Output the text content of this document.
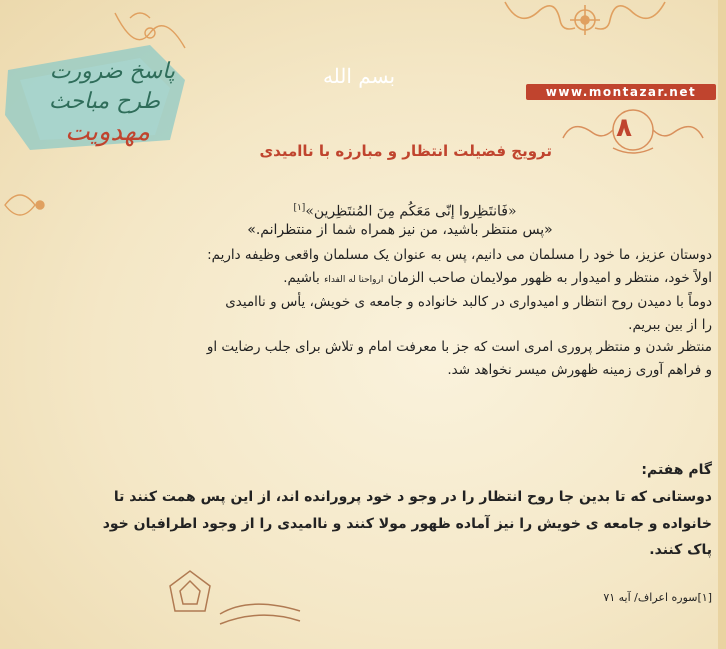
پاسخ ضرورت
طرح مباحث
مهدویت
بسم الله
www.montazar.net
۸
ترویج فضیلت انتظار و مبارزه با ناامیدی
«فَانتَظِروا إنّی مَعَکُم مِنَ المُنتَظِرین»[۱]
«پس منتظر باشید، من نیز همراه شما از منتظرانم.»

دوستان عزیز، ما خود را مسلمان می دانیم، پس به عنوان یک مسلمان واقعی وظیفه داریم:

اولاً خود، منتظر و امیدوار به ظهور مولایمان صاحب الزمان ارواحنا له الفداء باشیم.

دوماً با دمیدن روح انتظار و امیدواری در کالبد خانواده و جامعه ی خویش، یأس و ناامیدی

را از بین ببریم.

منتظر شدن و منتظر پروری امری است که جز با معرفت امام و تلاش برای جلب رضایت او

و فراهم آوری زمینه ظهورش میسر نخواهد شد.

گام هفتم:

دوستانی که تا بدین جا روح انتظار را در وجو د خود پرورانده اند، از این پس همت کنند تا

خانواده و جامعه ی خویش را نیز آماده ظهور مولا کنند و ناامیدی را از وجود اطرافیان خود

پاک کنند.

[۱]سوره اعراف/ آیه ۷۱
